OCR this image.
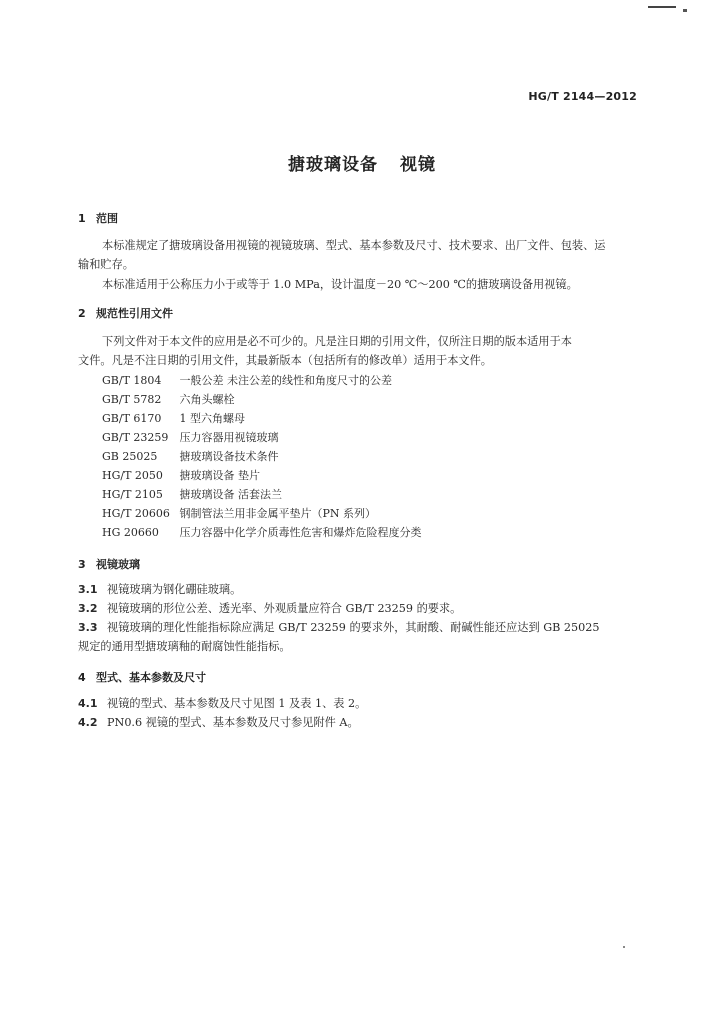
HG/T 2144—2012
搪玻璃设备 视镜
1 范围
本标准规定了搪玻璃设备用视镜的视镜玻璃、型式、基本参数及尺寸、技术要求、出厂文件、包装、运
输和贮存。
本标准适用于公称压力小于或等于 1.0 MPa，设计温度－20 ℃～200 ℃的搪玻璃设备用视镜。
2 规范性引用文件
下列文件对于本文件的应用是必不可少的。凡是注日期的引用文件，仅所注日期的版本适用于本
文件。凡是不注日期的引用文件，其最新版本（包括所有的修改单）适用于本文件。
GB/T 1804 一般公差 未注公差的线性和角度尺寸的公差
GB/T 5782 六角头螺栓
GB/T 6170 1 型六角螺母
GB/T 23259 压力容器用视镜玻璃
GB 25025 搪玻璃设备技术条件
HG/T 2050 搪玻璃设备 垫片
HG/T 2105 搪玻璃设备 活套法兰
HG/T 20606 钢制管法兰用非金属平垫片（PN 系列）
HG 20660 压力容器中化学介质毒性危害和爆炸危险程度分类
3 视镜玻璃
3.1 视镜玻璃为钢化硼硅玻璃。
3.2 视镜玻璃的形位公差、透光率、外观质量应符合 GB/T 23259 的要求。
3.3 视镜玻璃的理化性能指标除应满足 GB/T 23259 的要求外，其耐酸、耐碱性能还应达到 GB 25025
规定的通用型搪玻璃釉的耐腐蚀性能指标。
4 型式、基本参数及尺寸
4.1 视镜的型式、基本参数及尺寸见图 1 及表 1、表 2。
4.2 PN0.6 视镜的型式、基本参数及尺寸参见附件 A。
